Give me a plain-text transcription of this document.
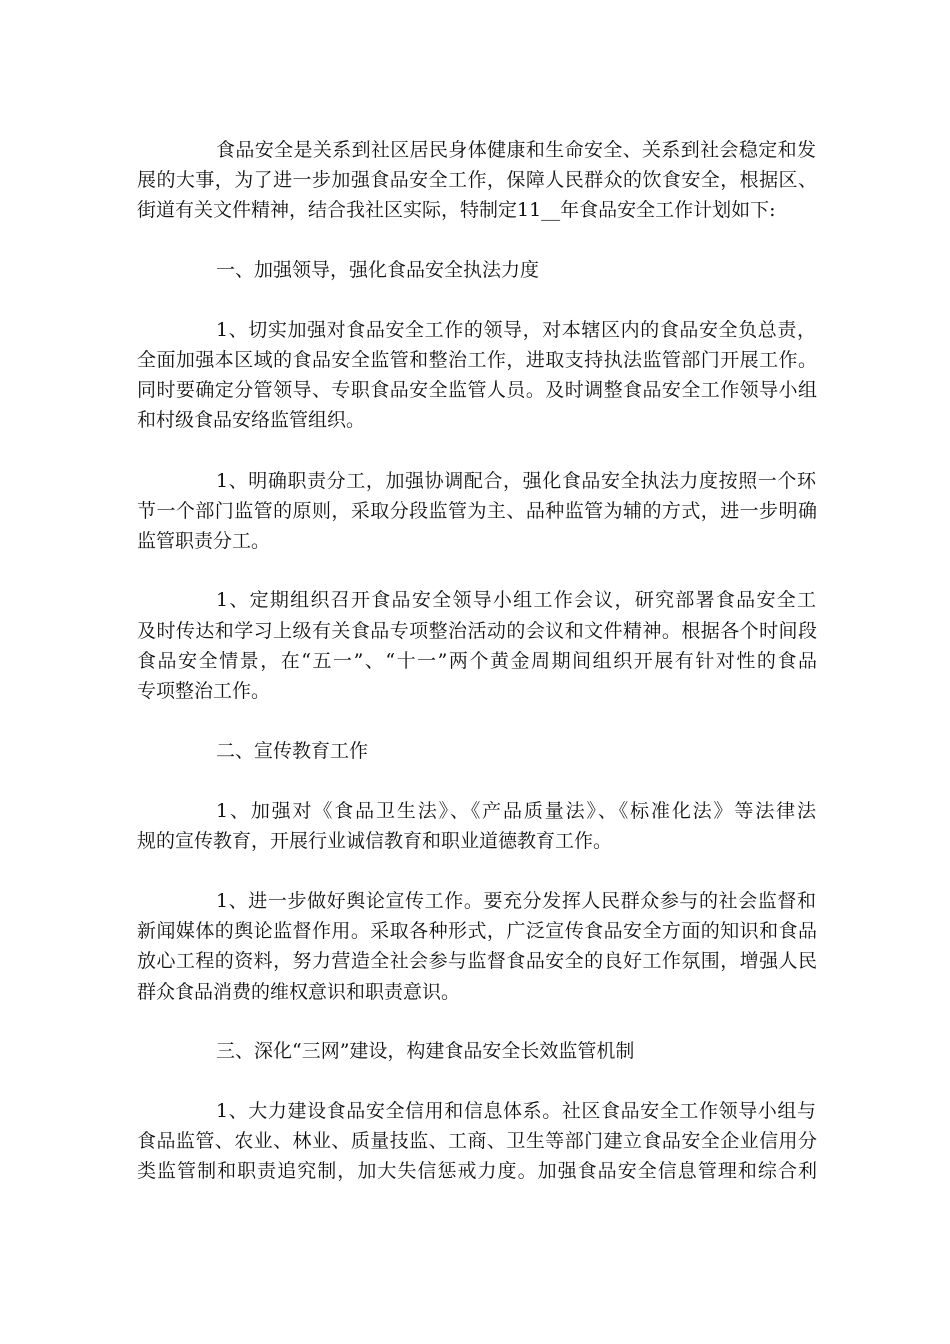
食品安全是关系到社区居民身体健康和生命安全、关系到社会稳定和发
展的大事，为了进一步加强食品安全工作，保障人民群众的饮食安全，根据区、
街道有关文件精神，结合我社区实际，特制定11__年食品安全工作计划如下:
一、加强领导，强化食品安全执法力度
1、切实加强对食品安全工作的领导，对本辖区内的食品安全负总责，
全面加强本区域的食品安全监管和整治工作，进取支持执法监管部门开展工作。
同时要确定分管领导、专职食品安全监管人员。及时调整食品安全工作领导小组
和村级食品安络监管组织。
1、明确职责分工，加强协调配合，强化食品安全执法力度按照一个环
节一个部门监管的原则，采取分段监管为主、品种监管为辅的方式，进一步明确
监管职责分工。
1、定期组织召开食品安全领导小组工作会议，研究部署食品安全工
及时传达和学习上级有关食品专项整治活动的会议和文件精神。根据各个时间段
食品安全情景，在“五一”、“十一”两个黄金周期间组织开展有针对性的食品
专项整治工作。
二、宣传教育工作
1、加强对《食品卫生法》、《产品质量法》、《标准化法》等法律法
规的宣传教育，开展行业诚信教育和职业道德教育工作。
1、进一步做好舆论宣传工作。要充分发挥人民群众参与的社会监督和
新闻媒体的舆论监督作用。采取各种形式，广泛宣传食品安全方面的知识和食品
放心工程的资料，努力营造全社会参与监督食品安全的良好工作氛围，增强人民
群众食品消费的维权意识和职责意识。
三、深化“三网”建设，构建食品安全长效监管机制
1、大力建设食品安全信用和信息体系。社区食品安全工作领导小组与
食品监管、农业、林业、质量技监、工商、卫生等部门建立食品安全企业信用分
类监管制和职责追究制，加大失信惩戒力度。加强食品安全信息管理和综合利
